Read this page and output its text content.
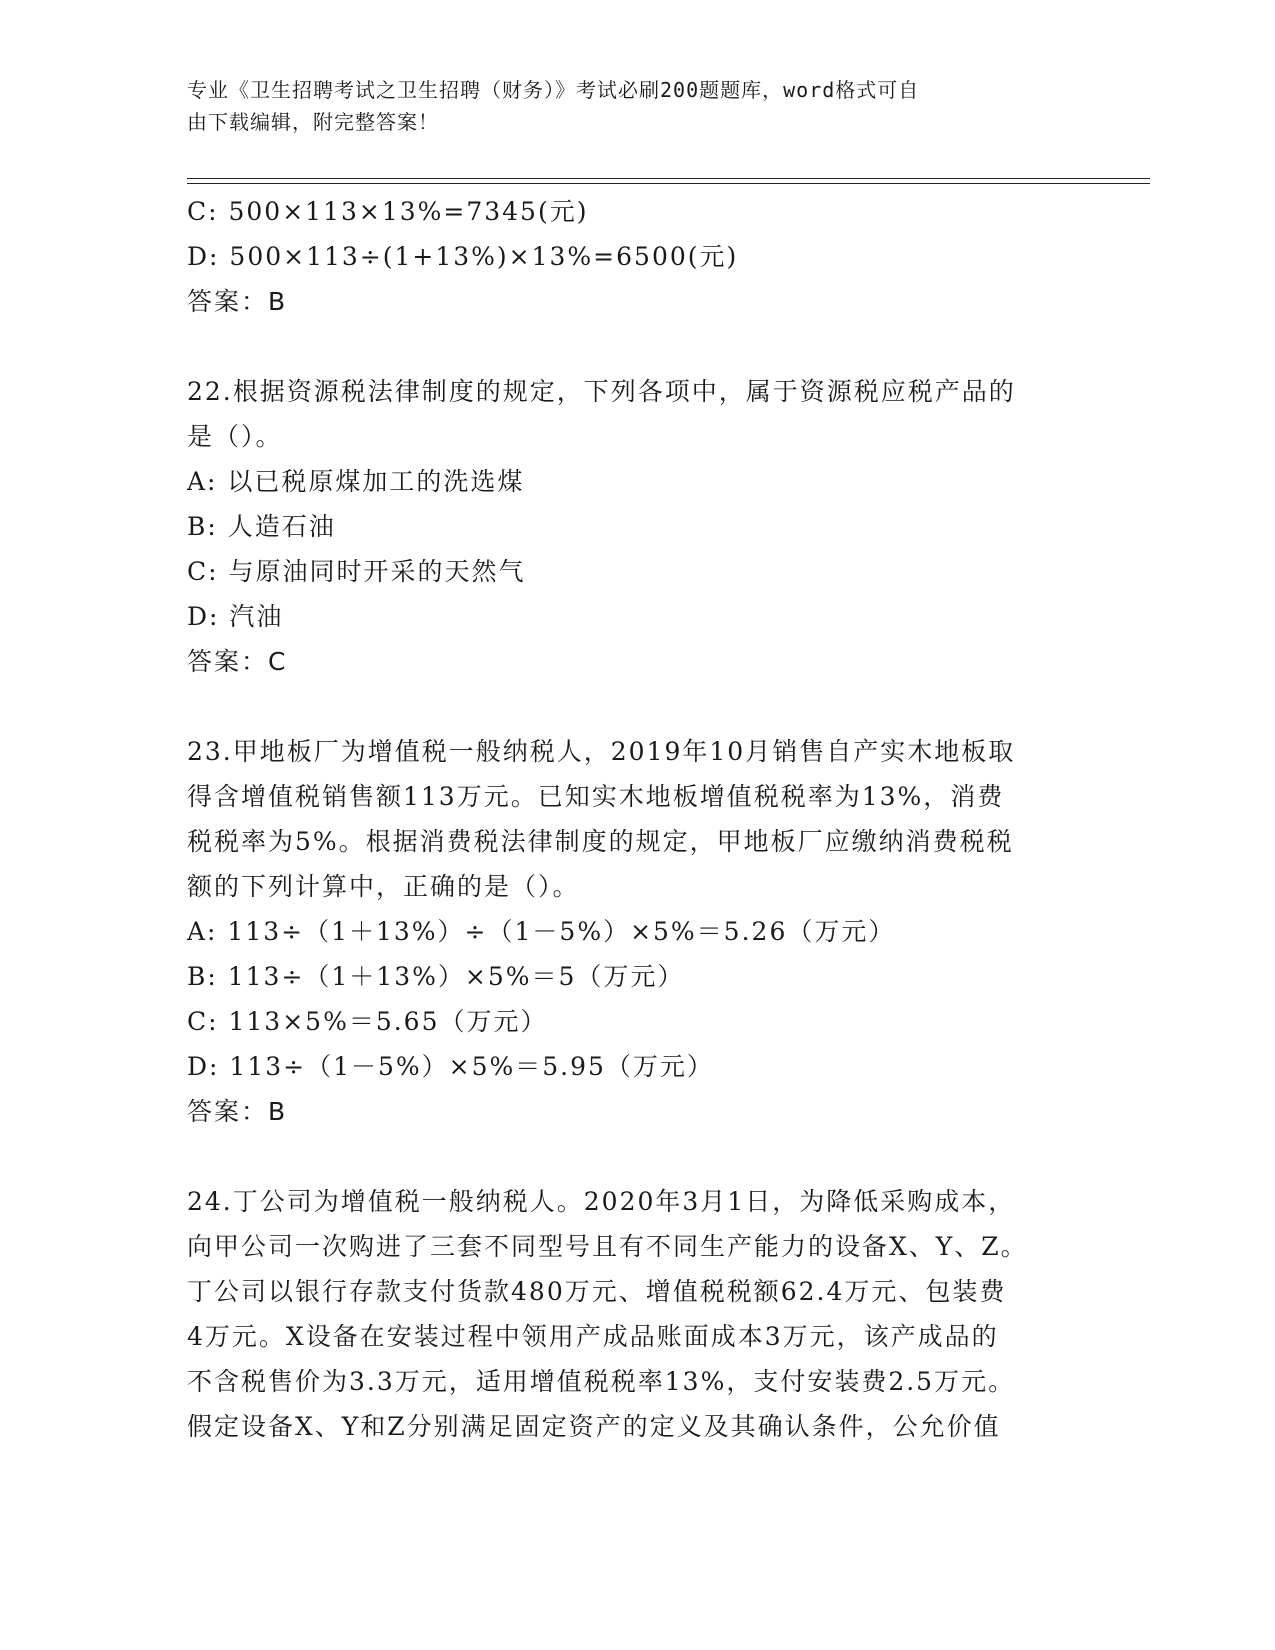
专业《卫生招聘考试之卫生招聘（财务）》考试必刷200题题库，word格式可自
由下载编辑，附完整答案！
C: 500×113×13%=7345(元)
D: 500×113÷(1+13%)×13%=6500(元)
答案：B
22.根据资源税法律制度的规定，下列各项中，属于资源税应税产品的
是（）。
A: 以已税原煤加工的洗选煤
B: 人造石油
C: 与原油同时开采的天然气
D: 汽油
答案：C
23.甲地板厂为增值税一般纳税人，2019年10月销售自产实木地板取
得含增值税销售额113万元。已知实木地板增值税税率为13%，消费
税税率为5%。根据消费税法律制度的规定，甲地板厂应缴纳消费税税
额的下列计算中，正确的是（）。
A: 113÷（1＋13%）÷（1－5%）×5%＝5.26（万元）
B: 113÷（1＋13%）×5%＝5（万元）
C: 113×5%＝5.65（万元）
D: 113÷（1－5%）×5%＝5.95（万元）
答案：B
24.丁公司为增值税一般纳税人。2020年3月1日，为降低采购成本，
向甲公司一次购进了三套不同型号且有不同生产能力的设备X、Y、Z。
丁公司以银行存款支付货款480万元、增值税税额62.4万元、包装费
4万元。X设备在安装过程中领用产成品账面成本3万元，该产成品的
不含税售价为3.3万元，适用增值税税率13%，支付安装费2.5万元。
假定设备X、Y和Z分别满足固定资产的定义及其确认条件，公允价值
